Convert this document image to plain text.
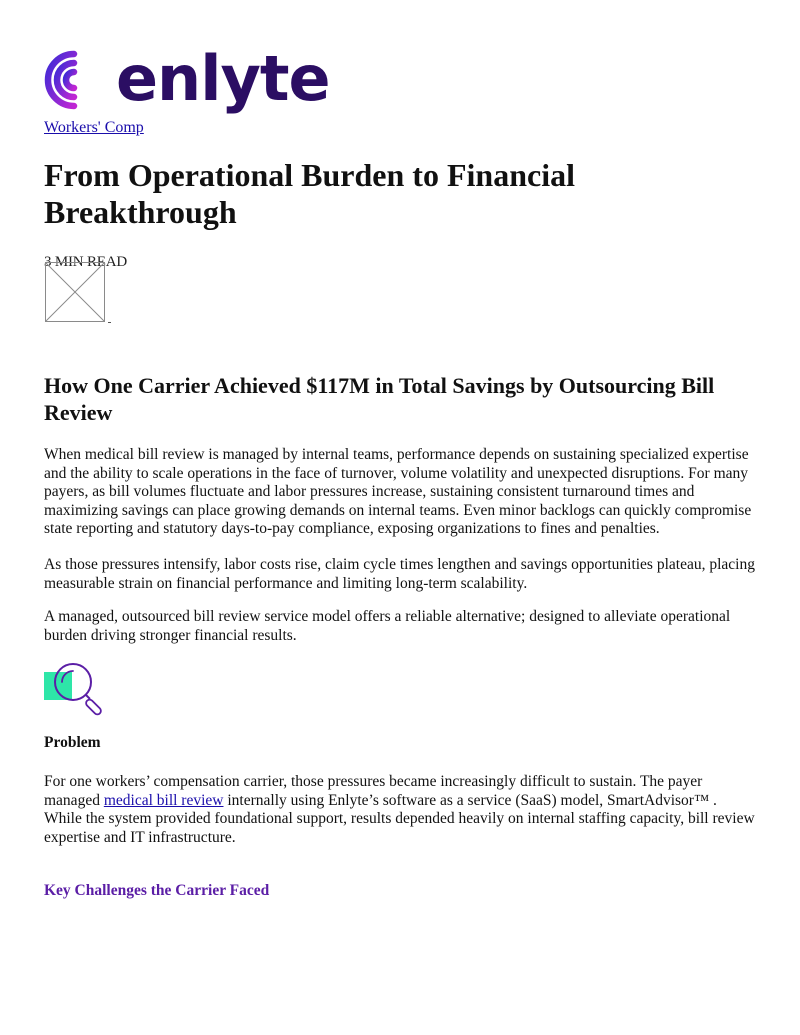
enlyte
Workers' Comp
From Operational Burden to Financial Breakthrough
3 MIN READ
How One Carrier Achieved $117M in Total Savings by Outsourcing Bill Review

When medical bill review is managed by internal teams, performance depends on sustaining specialized expertise and the ability to scale operations in the face of turnover, volume volatility and unexpected disruptions. For many payers, as bill volumes fluctuate and labor pressures increase, sustaining consistent turnaround times and maximizing savings can place growing demands on internal teams. Even minor backlogs can quickly compromise state reporting and statutory days-to-pay compliance, exposing organizations to fines and penalties.

As those pressures intensify, labor costs rise, claim cycle times lengthen and savings opportunities plateau, placing measurable strain on financial performance and limiting long-term scalability.

A managed, outsourced bill review service model offers a reliable alternative; designed to alleviate operational burden driving stronger financial results.

Problem

For one workers’ compensation carrier, those pressures became increasingly difficult to sustain. The payer managed medical bill review internally using Enlyte’s software as a service (SaaS) model, SmartAdvisor™ . While the system provided foundational support, results depended heavily on internal staffing capacity, bill review expertise and IT infrastructure.

Key Challenges the Carrier Faced
